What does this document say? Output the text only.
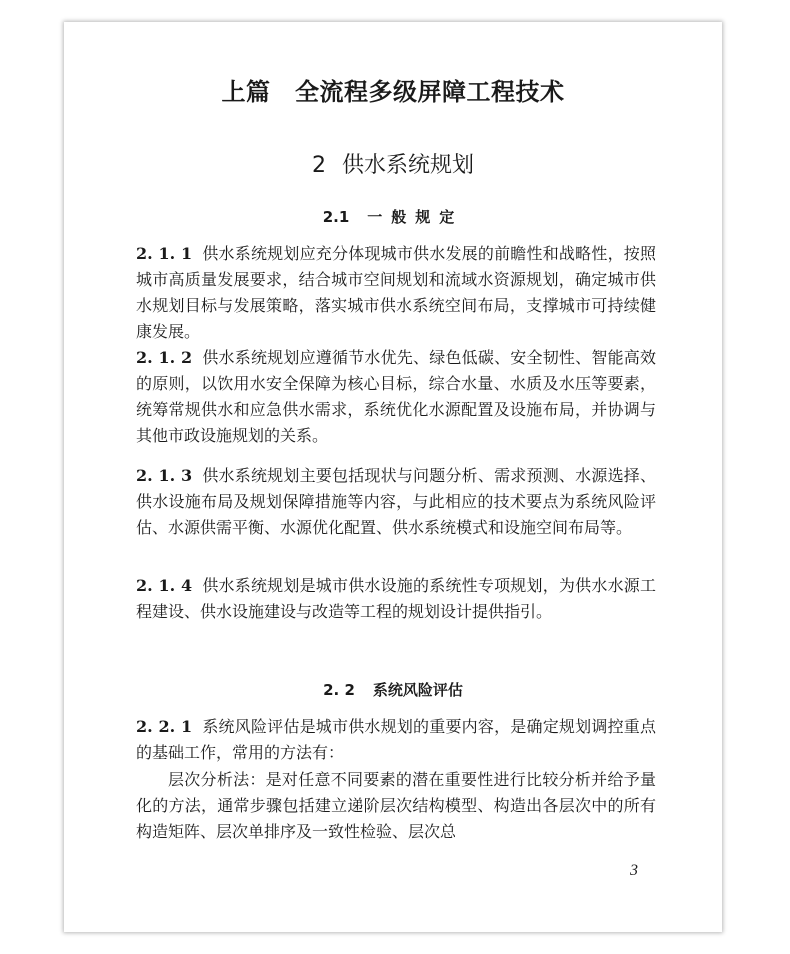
上篇　全流程多级屏障工程技术
2 供水系统规划
2.1 一般规定
2. 1. 1 供水系统规划应充分体现城市供水发展的前瞻性和战略性，按照城市高质量发展要求，结合城市空间规划和流域水资源规划，确定城市供水规划目标与发展策略，落实城市供水系统空间布局，支撑城市可持续健康发展。
2. 1. 2 供水系统规划应遵循节水优先、绿色低碳、安全韧性、智能高效的原则，以饮用水安全保障为核心目标，综合水量、水质及水压等要素，统筹常规供水和应急供水需求，系统优化水源配置及设施布局，并协调与其他市政设施规划的关系。
2. 1. 3 供水系统规划主要包括现状与问题分析、需求预测、水源选择、供水设施布局及规划保障措施等内容，与此相应的技术要点为系统风险评估、水源供需平衡、水源优化配置、供水系统模式和设施空间布局等。
2. 1. 4 供水系统规划是城市供水设施的系统性专项规划，为供水水源工程建设、供水设施建设与改造等工程的规划设计提供指引。
2. 2 系统风险评估
2. 2. 1 系统风险评估是城市供水规划的重要内容，是确定规划调控重点的基础工作，常用的方法有：
层次分析法：是对任意不同要素的潜在重要性进行比较分析并给予量化的方法，通常步骤包括建立递阶层次结构模型、构造出各层次中的所有构造矩阵、层次单排序及一致性检验、层次总
3
